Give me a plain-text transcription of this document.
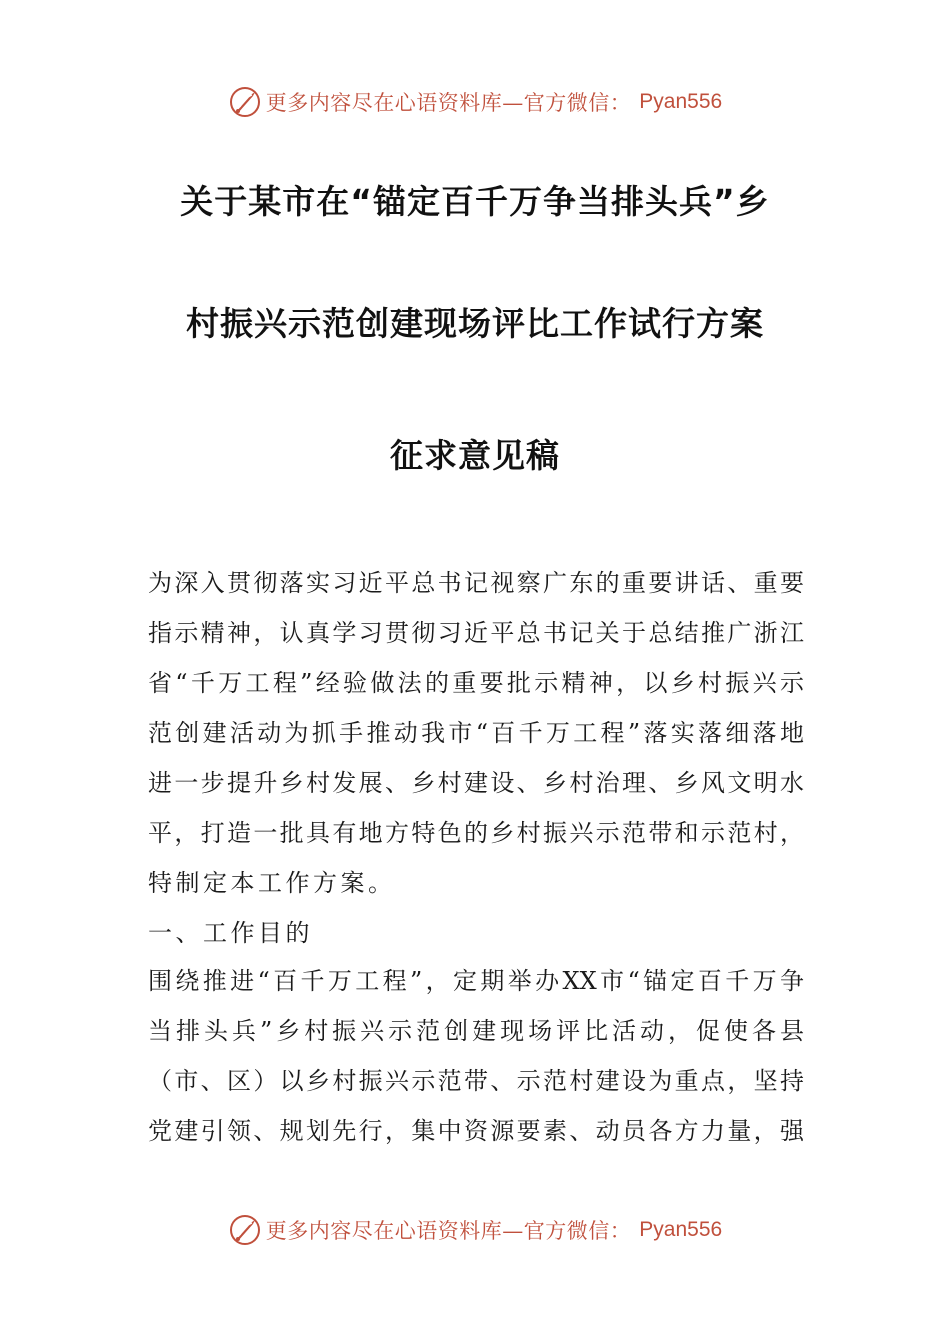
更多内容尽在心语资料库—官方微信： Pyan556
关于某市在“锚定百千万争当排头兵”乡
村振兴示范创建现场评比工作试行方案
征求意见稿
为深入贯彻落实习近平总书记视察广东的重要讲话、重要
指示精神，认真学习贯彻习近平总书记关于总结推广浙江
省“千万工程”经验做法的重要批示精神，以乡村振兴示
范创建活动为抓手推动我市“百千万工程”落实落细落地
进一步提升乡村发展、乡村建设、乡村治理、乡风文明水
平，打造一批具有地方特色的乡村振兴示范带和示范村，
特制定本工作方案。
一、工作目的
围绕推进“百千万工程”，定期举办XX市“锚定百千万争
当排头兵”乡村振兴示范创建现场评比活动，促使各县
（市、区）以乡村振兴示范带、示范村建设为重点，坚持
党建引领、规划先行，集中资源要素、动员各方力量，强
更多内容尽在心语资料库—官方微信： Pyan556
